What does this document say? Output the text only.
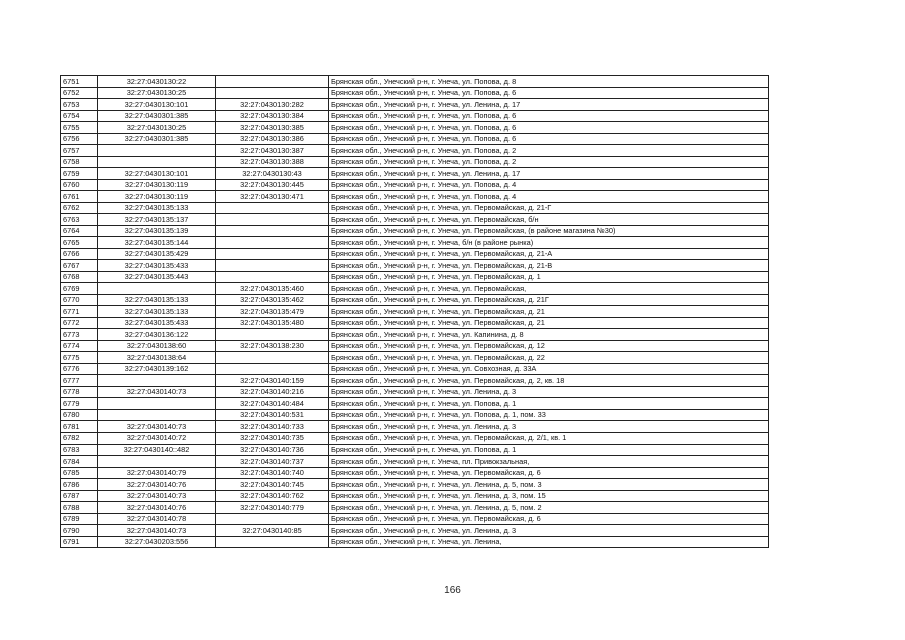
6751	32:27:0430130:22		Брянская обл., Унечский р-н, г. Унеча, ул. Попова, д. 8
6752	32:27:0430130:25		Брянская обл., Унечский р-н, г. Унеча, ул. Попова, д. 6
6753	32:27:0430130:101	32:27:0430130:282	Брянская обл., Унечский р-н, г. Унеча, ул. Ленина, д. 17
6754	32:27:0430301:385	32:27:0430130:384	Брянская обл., Унечский р-н, г. Унеча, ул. Попова, д. 6
6755	32:27:0430130:25	32:27:0430130:385	Брянская обл., Унечский р-н, г. Унеча, ул. Попова, д. 6
6756	32:27:0430301:385	32:27:0430130:386	Брянская обл., Унечский р-н, г. Унеча, ул. Попова, д. 6
6757		32:27:0430130:387	Брянская обл., Унечский р-н, г. Унеча, ул. Попова, д. 2
6758		32:27:0430130:388	Брянская обл., Унечский р-н, г. Унеча, ул. Попова, д. 2
6759	32:27:0430130:101	32:27:0430130:43	Брянская обл., Унечский р-н, г. Унеча, ул. Ленина, д. 17
6760	32:27:0430130:119	32:27:0430130:445	Брянская обл., Унечский р-н, г. Унеча, ул. Попова, д. 4
6761	32:27:0430130:119	32:27:0430130:471	Брянская обл., Унечский р-н, г. Унеча, ул. Попова, д. 4
6762	32:27:0430135:133		Брянская обл., Унечский р-н, г. Унеча, ул. Первомайская, д. 21-Г
6763	32:27:0430135:137		Брянская обл., Унечский р-н, г. Унеча, ул. Первомайская, б/н
6764	32:27:0430135:139		Брянская обл., Унечский р-н, г. Унеча, ул. Первомайская, (в районе магазина №30)
6765	32:27:0430135:144		Брянская обл., Унечский р-н, г. Унеча, б/н (в районе рынка)
6766	32:27:0430135:429		Брянская обл., Унечский р-н, г. Унеча, ул. Первомайская, д. 21-А
6767	32:27:0430135:433		Брянская обл., Унечский р-н, г. Унеча, ул. Первомайская, д. 21-В
6768	32:27:0430135:443		Брянская обл., Унечский р-н, г. Унеча, ул. Первомайская, д. 1
6769		32:27:0430135:460	Брянская обл., Унечский р-н, г. Унеча, ул. Первомайская,
6770	32:27:0430135:133	32:27:0430135:462	Брянская обл., Унечский р-н, г. Унеча, ул. Первомайская, д. 21Г
6771	32:27:0430135:133	32:27:0430135:479	Брянская обл., Унечский р-н, г. Унеча, ул. Первомайская, д. 21
6772	32:27:0430135:433	32:27:0430135:480	Брянская обл., Унечский р-н, г. Унеча, ул. Первомайская, д. 21
6773	32:27:0430136:122		Брянская обл., Унечский р-н, г. Унеча, ул. Капинина, д. 8
6774	32:27:0430138:60	32:27:0430138:230	Брянская обл., Унечский р-н, г. Унеча, ул. Первомайская, д. 12
6775	32:27:0430138:64		Брянская обл., Унечский р-н, г. Унеча, ул. Первомайская, д. 22
6776	32:27:0430139:162		Брянская обл., Унечский р-н, г. Унеча, ул. Совхозная, д. 33А
6777		32:27:0430140:159	Брянская обл., Унечский р-н, г. Унеча, ул. Первомайская, д. 2, кв. 18
6778	32:27:0430140:73	32:27:0430140:216	Брянская обл., Унечский р-н, г. Унеча, ул. Ленина, д. 3
6779		32:27:0430140:484	Брянская обл., Унечский р-н, г. Унеча, ул. Попова, д. 1
6780		32:27:0430140:531	Брянская обл., Унечский р-н, г. Унеча, ул. Попова, д. 1, пом. 33
6781	32:27:0430140:73	32:27:0430140:733	Брянская обл., Унечский р-н, г. Унеча, ул. Ленина, д. 3
6782	32:27:0430140:72	32:27:0430140:735	Брянская обл., Унечский р-н, г. Унеча, ул. Первомайская, д. 2/1, кв. 1
6783	32:27:0430140::482	32:27:0430140:736	Брянская обл., Унечский р-н, г. Унеча, ул. Попова, д. 1
6784		32:27:0430140:737	Брянская обл., Унечский р-н, г. Унеча, пл. Привокзальная,
6785	32:27:0430140:79	32:27:0430140:740	Брянская обл., Унечский р-н, г. Унеча, ул. Первомайская, д. 6
6786	32:27:0430140:76	32:27:0430140:745	Брянская обл., Унечский р-н, г. Унеча, ул. Ленина, д. 5, пом. 3
6787	32:27:0430140:73	32:27:0430140:762	Брянская обл., Унечский р-н, г. Унеча, ул. Ленина, д. 3, пом. 15
6788	32:27:0430140:76	32:27:0430140:779	Брянская обл., Унечский р-н, г. Унеча, ул. Ленина, д. 5, пом. 2
6789	32:27:0430140:78		Брянская обл., Унечский р-н, г. Унеча, ул. Первомайская, д. 6
6790	32:27:0430140:73	32:27:0430140:85	Брянская обл., Унечский р-н, г. Унеча, ул. Ленина, д. 3
6791	32:27:0430203:556		Брянская обл., Унечский р-н, г. Унеча, ул. Ленина,
166
